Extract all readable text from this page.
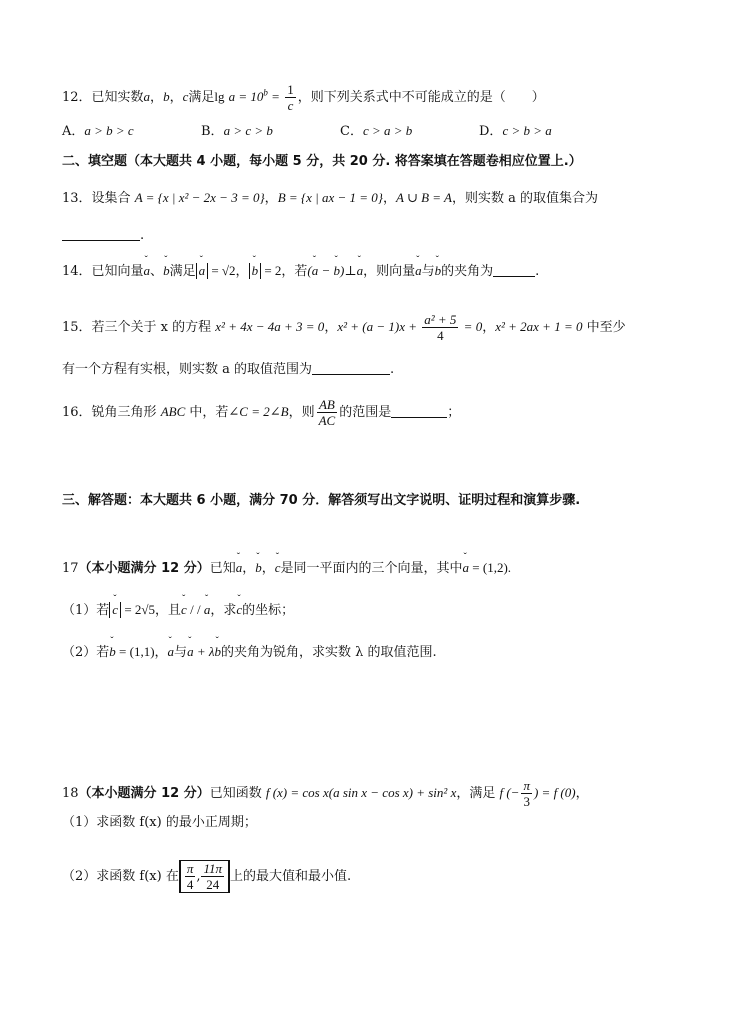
12．已知实数a，b，c满足$\lg a = 10^b = \frac{1}{c}$ ，则下列关系式中不可能成立的是（　　）
A．a > b > c	B．a > c > b	C．c > a > b	D．c > b > a
二、填空题（本大题共 4 小题，每小题 5 分，共 20 分. 将答案填在答题卷相应位置上.）
13．设集合 A = {x | x² − 2x − 3 = 0}，B = {x | ax − 1 = 0}，A ∪ B = A，则实数 a 的取值集合为
.
14．已知向量ˇ a、ˇ b满足 ˇ a = √2， ˇ b = 2，若(ˇ a − ˇ b)⊥ˇ a，则向量ˇ a与ˇ b的夹角为	.
15．若三个关于 x 的方程 x² + 4x − 4a + 3 = 0，$x^2 + (a - 1)x + \frac{\text{a² + 5}}{4} = 0$，x² + 2ax + 1 = 0 中至少
有一个方程有实根，则实数 a 的取值范围为	.
16．锐角三角形 ABC 中，若∠C = 2∠B，则 $\frac{AB}{AC}$ 的范围是	；
三、解答题：本大题共 6 小题，满分 70 分．解答须写出文字说明、证明过程和演算步骤.
17（本小题满分 12 分）已知ˇ a，ˇ b，ˇ c是同一平面内的三个向量，其中ˇ a = (1,2).
（1）若 ˇ c = 2√5，且ˇ c / / ˇ a，求ˇ c的坐标；
（2）若ˇ b = (1,1)，ˇ a与ˇ a + λˇ b的夹角为锐角，求实数 λ 的取值范围.
18（本小题满分 12 分）已知函数 f (x) = cos x(a sin x − cos x) + sin² x，满足 f (− $\frac{\pi}{3}$ ) = f (0)，
（1）求函数 f(x) 的最小正周期；
（2）求函数 f(x) 在 $\frac{\pi}{4}$ , $\frac{11\pi}{24}$ 上的最大值和最小值.
